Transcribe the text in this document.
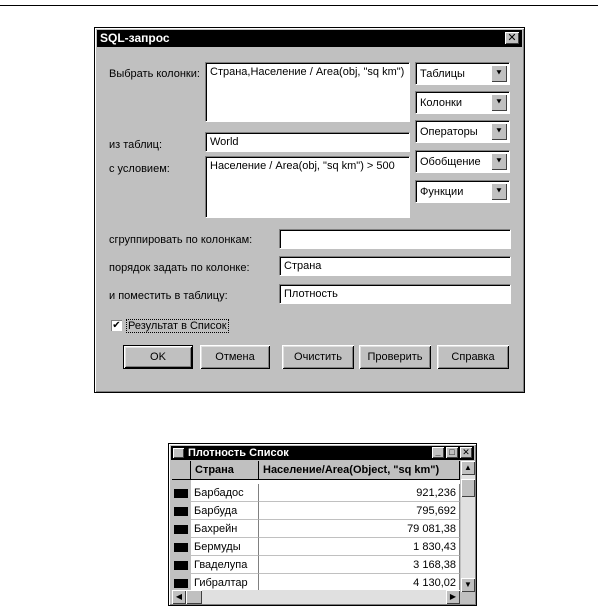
SQL-запрос	✕
Выбрать колонки: Страна,Население / Area(obj, "sq km")
из таблиц:	World
с условием:	Население / Area(obj, "sq km") > 500
Таблицы	⯆
Колонки	⯆
Операторы	⯆
Обобщение	⯆
Функции	⯆
сгруппировать по колонкам:
порядок задать по колонке:	Страна
и поместить в таблицу:	Плотность
✔ Результат в Список
OK	Отмена	Очистить	Проверить	Справка
Плотность Список	_ □ ✕
Страна	Население/Area(Object, "sq km")
Барбадос	921,236
Барбуда	795,692
Бахрейн	79 081,38
Бермуды	1 830,43
Гваделупа	3 168,38
Гибралтар	4 130,02
▲
▼
◀	▶
